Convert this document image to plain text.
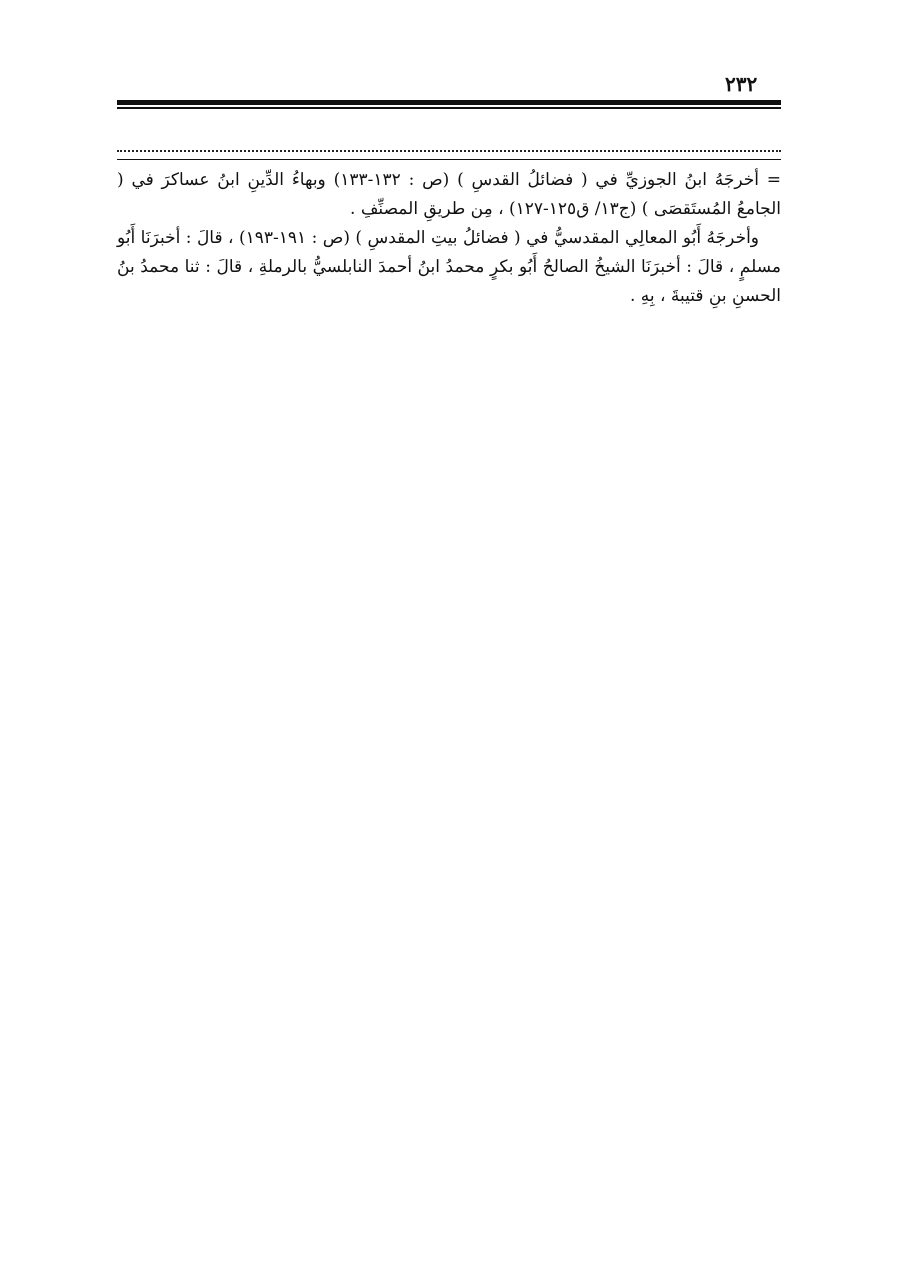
٢٣٢

= أخرجَهُ ابنُ الجوزيِّ في ( فضائلُ القدسِ ) (ص : ١٣٢-١٣٣) وبهاءُ الدِّينِ ابنُ عساكرَ في ( الجامعُ المُستَقصَى ) (ج١٣/ ق١٢٥-١٢٧) ، مِن طريقِ المصنِّفِ .

وأخرجَهُ أَبُو المعالِي المقدسيُّ في ( فضائلُ بيتِ المقدسِ ) (ص : ١٩١-١٩٣) ، قالَ : أخبرَنَا أَبُو مسلمٍ ، قالَ : أخبرَنَا الشيخُ الصالحُ أَبُو بكرٍ محمدُ ابنُ أحمدَ النابلسيُّ بالرملةِ ، قالَ : ثنا محمدُ بنُ الحسنِ بنِ قتيبةَ ، بِهِ .
